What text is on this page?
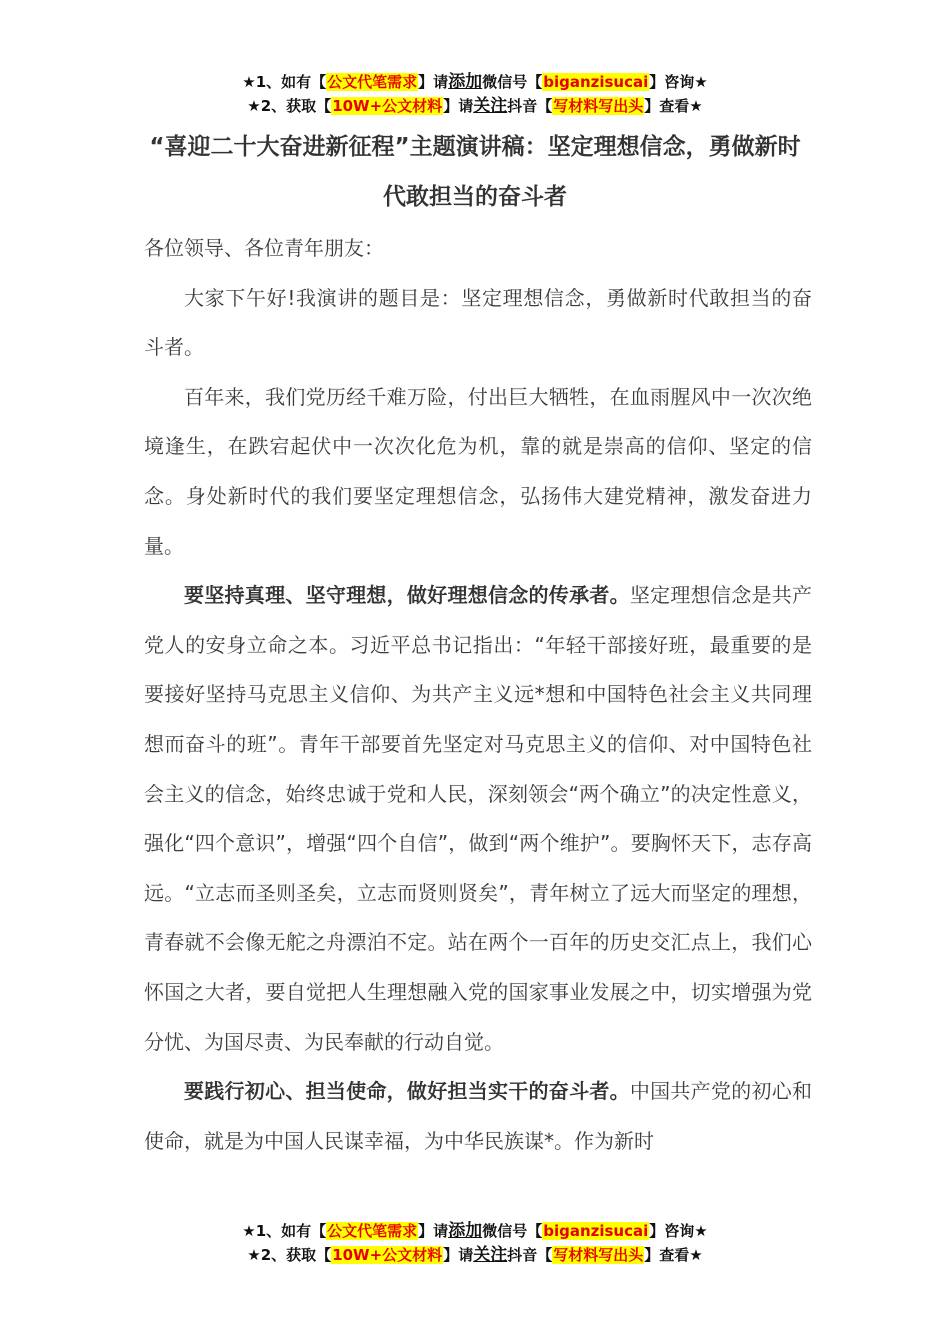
★1、如有【公文代笔需求】请添加微信号【biganzisucai】咨询★
★2、获取【10W+公文材料】请关注抖音【写材料写出头】查看★
“喜迎二十大奋进新征程”主题演讲稿：坚定理想信念，勇做新时代敢担当的奋斗者

各位领导、各位青年朋友：

大家下午好!我演讲的题目是：坚定理想信念，勇做新时代敢担当的奋斗者。

百年来，我们党历经千难万险，付出巨大牺牲，在血雨腥风中一次次绝境逢生，在跌宕起伏中一次次化危为机，靠的就是崇高的信仰、坚定的信念。身处新时代的我们要坚定理想信念，弘扬伟大建党精神，激发奋进力量。

要坚持真理、坚守理想，做好理想信念的传承者。坚定理想信念是共产党人的安身立命之本。习近平总书记指出：“年轻干部接好班，最重要的是要接好坚持马克思主义信仰、为共产主义远*想和中国特色社会主义共同理想而奋斗的班”。青年干部要首先坚定对马克思主义的信仰、对中国特色社会主义的信念，始终忠诚于党和人民，深刻领会“两个确立”的决定性意义，强化“四个意识”，增强“四个自信”，做到“两个维护”。要胸怀天下，志存高远。“立志而圣则圣矣，立志而贤则贤矣”，青年树立了远大而坚定的理想，青春就不会像无舵之舟漂泊不定。站在两个一百年的历史交汇点上，我们心怀国之大者，要自觉把人生理想融入党的国家事业发展之中，切实增强为党分忧、为国尽责、为民奉献的行动自觉。

要践行初心、担当使命，做好担当实干的奋斗者。中国共产党的初心和使命，就是为中国人民谋幸福，为中华民族谋*。作为新时

★1、如有【公文代笔需求】请添加微信号【biganzisucai】咨询★
★2、获取【10W+公文材料】请关注抖音【写材料写出头】查看★
